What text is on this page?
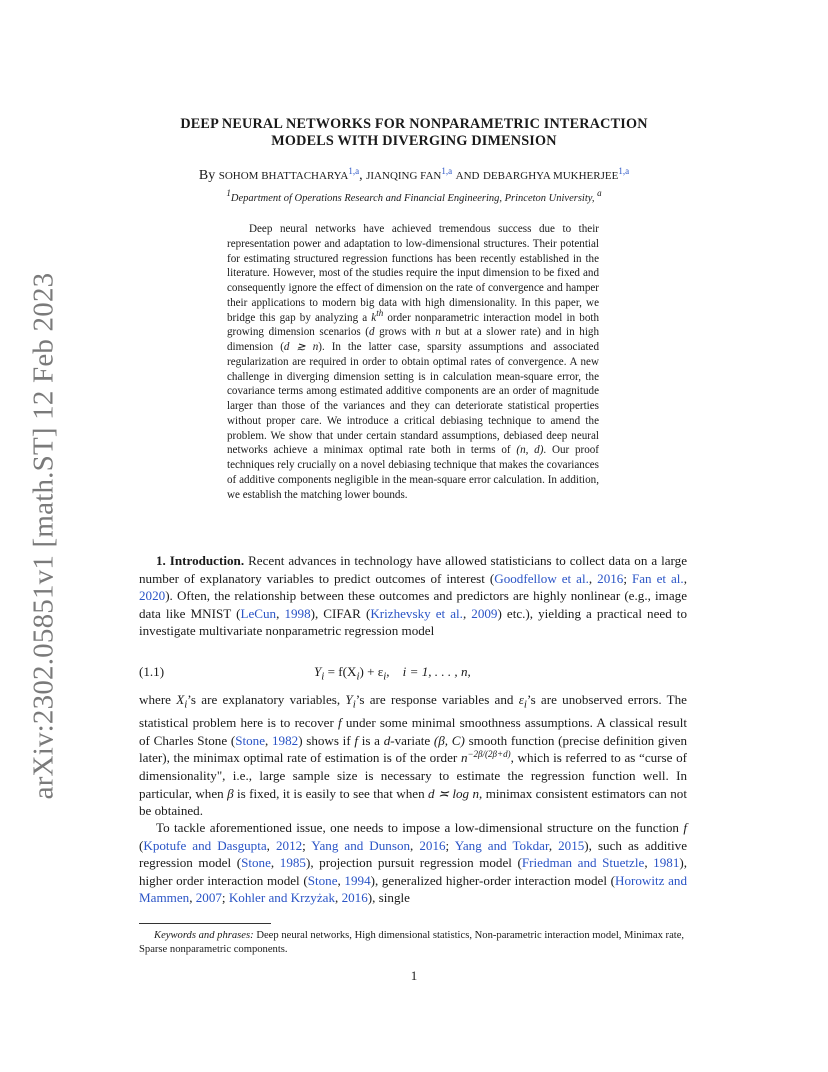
arXiv:2302.05851v1 [math.ST] 12 Feb 2023
DEEP NEURAL NETWORKS FOR NONPARAMETRIC INTERACTION
MODELS WITH DIVERGING DIMENSION
By SOHOM BHATTACHARYA$^{1,a}$, JIANQING FAN$^{1,a}$ AND DEBARGHYA MUKHERJEE$^{1,a}$
$^1$Department of Operations Research and Financial Engineering, Princeton University, $^a$
Deep neural networks have achieved tremendous success due to their representation power and adaptation to low-dimensional structures. Their potential for estimating structured regression functions has been recently established in the literature. However, most of the studies require the input dimension to be fixed and consequently ignore the effect of dimension on the rate of convergence and hamper their applications to modern big data with high dimensionality. In this paper, we bridge this gap by analyzing a $k^{th}$ order nonparametric interaction model in both growing dimension scenarios (d grows with n but at a slower rate) and in high dimension (d ≳ n). In the latter case, sparsity assumptions and associated regularization are required in order to obtain optimal rates of convergence. A new challenge in diverging dimension setting is in calculation mean-square error, the covariance terms among estimated additive components are an order of magnitude larger than those of the variances and they can deteriorate statistical properties without proper care. We introduce a critical debiasing technique to amend the problem. We show that under certain standard assumptions, debiased deep neural networks achieve a minimax optimal rate both in terms of (n, d). Our proof techniques rely crucially on a novel debiasing technique that makes the covariances of additive components negligible in the mean-square error calculation. In addition, we establish the matching lower bounds.
1. Introduction. Recent advances in technology have allowed statisticians to collect data on a large number of explanatory variables to predict outcomes of interest (Goodfellow et al., 2016; Fan et al., 2020). Often, the relationship between these outcomes and predictors are highly nonlinear (e.g., image data like MNIST (LeCun, 1998), CIFAR (Krizhevsky et al., 2009) etc.), yielding a practical need to investigate multivariate nonparametric regression model
(1.1)	$Y_i = f(X_i) + \varepsilon_i$, i = 1, . . . , n,
where $X_i’s$ are explanatory variables, $Y_i’s$ are response variables and $\varepsilon_i’s$ are unobserved errors. The statistical problem here is to recover f under some minimal smoothness assumptions. A classical result of Charles Stone (Stone, 1982) shows if f is a d-variate (β, C) smooth function (precise definition given later), the minimax optimal rate of estimation is of the order $n^{-2\beta/(2\beta+d)}$, which is referred to as “curse of dimensionality", i.e., large sample size is necessary to estimate the regression function well. In particular, when β is fixed, it is easily to see that when d ≍ log n, minimax consistent estimators can not be obtained.
To tackle aforementioned issue, one needs to impose a low-dimensional structure on the function f (Kpotufe and Dasgupta, 2012; Yang and Dunson, 2016; Yang and Tokdar, 2015), such as additive regression model (Stone, 1985), projection pursuit regression model (Friedman and Stuetzle, 1981), higher order interaction model (Stone, 1994), generalized higher-order interaction model (Horowitz and Mammen, 2007; Kohler and Krzyżak, 2016), single
Keywords and phrases: Deep neural networks, High dimensional statistics, Non-parametric interaction model, Minimax rate, Sparse nonparametric components.
1
